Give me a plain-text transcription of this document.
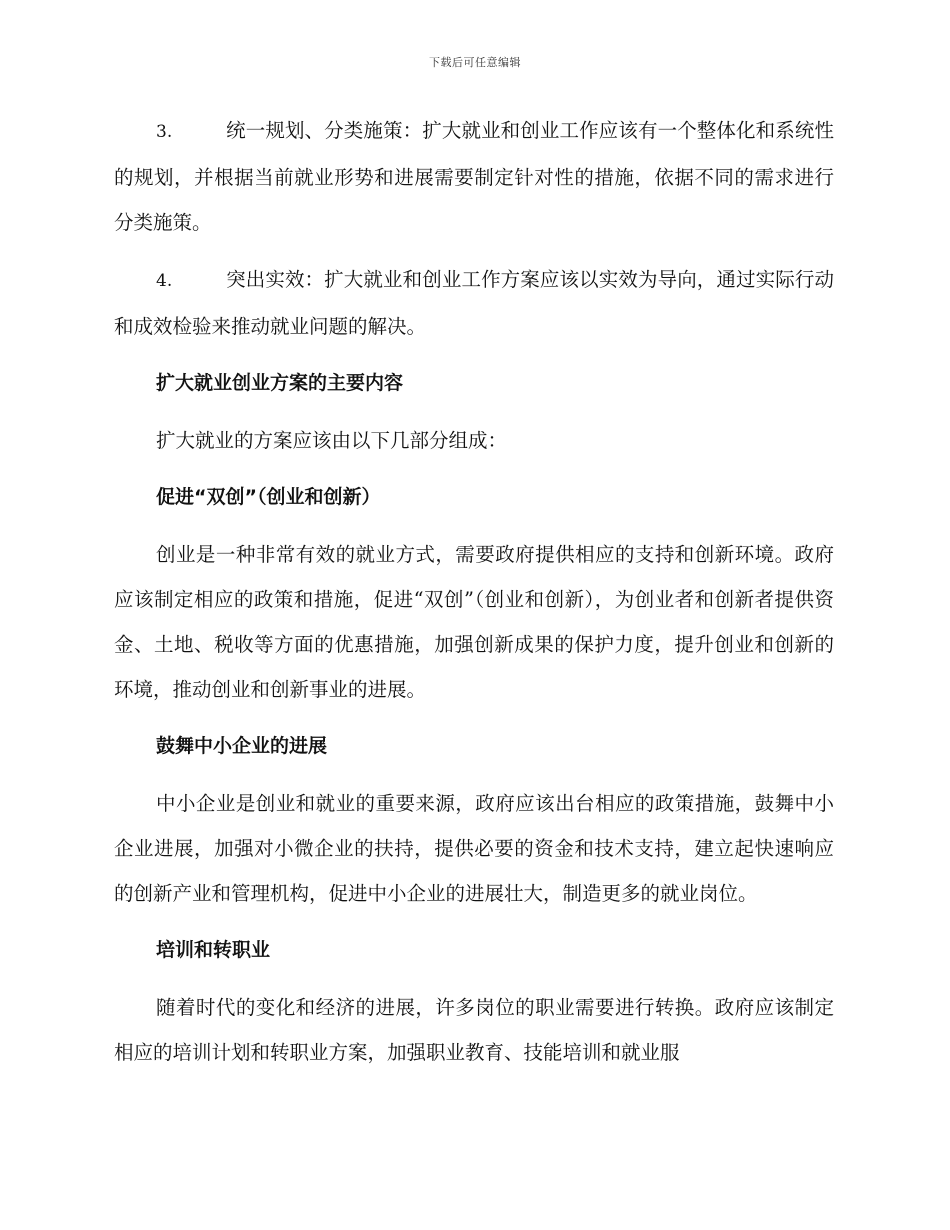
下载后可任意编辑

3.	统一规划、分类施策：扩大就业和创业工作应该有一个整体化和系统性的规划，并根据当前就业形势和进展需要制定针对性的措施，依据不同的需求进行分类施策。

4.	突出实效：扩大就业和创业工作方案应该以实效为导向，通过实际行动和成效检验来推动就业问题的解决。

扩大就业创业方案的主要内容

扩大就业的方案应该由以下几部分组成：

促进“双创”（创业和创新）

创业是一种非常有效的就业方式，需要政府提供相应的支持和创新环境。政府应该制定相应的政策和措施，促进“双创”（创业和创新），为创业者和创新者提供资金、土地、税收等方面的优惠措施，加强创新成果的保护力度，提升创业和创新的环境，推动创业和创新事业的进展。

鼓舞中小企业的进展

中小企业是创业和就业的重要来源，政府应该出台相应的政策措施，鼓舞中小企业进展，加强对小微企业的扶持，提供必要的资金和技术支持，建立起快速响应的创新产业和管理机构，促进中小企业的进展壮大，制造更多的就业岗位。

培训和转职业

随着时代的变化和经济的进展，许多岗位的职业需要进行转换。政府应该制定相应的培训计划和转职业方案，加强职业教育、技能培训和就业服
